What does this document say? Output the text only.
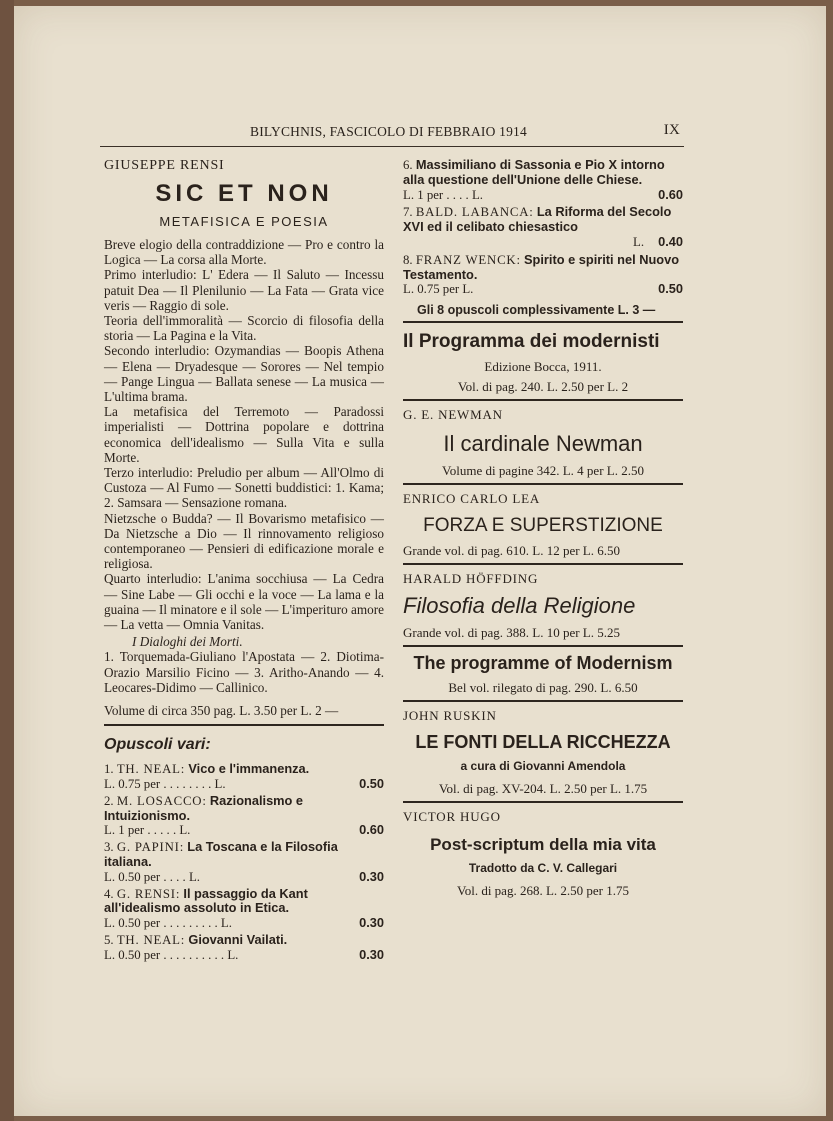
BILYCHNIS, FASCICOLO DI FEBBRAIO 1914	IX
GIUSEPPE RENSI
SIC ET NON
METAFISICA E POESIA
Breve elogio della contraddizione — Pro e contro la Logica — La corsa alla Morte.
Primo interludio: L' Edera — Il Saluto — Incessu patuit Dea — Il Plenilunio — La Fata — Grata vice veris — Raggio di sole.
Teoria dell'immoralità — Scorcio di filosofia della storia — La Pagina e la Vita.
Secondo interludio: Ozymandias — Boopis Athena — Elena — Dryadesque — Sorores — Nel tempio — Pange Lingua — Ballata senese — La musica — L'ultima brama.
La metafisica del Terremoto — Paradossi imperialisti — Dottrina popolare e dottrina economica dell'idealismo — Sulla Vita e sulla Morte.
Terzo interludio: Preludio per album — All'Olmo di Custoza — Al Fumo — Sonetti buddistici: 1. Kama; 2. Samsara — Sensazione romana.
Nietzsche o Budda? — Il Bovarismo metafisico — Da Nietzsche a Dio — Il rinnovamento religioso contemporaneo — Pensieri di edificazione morale e religiosa.
Quarto interludio: L'anima socchiusa — La Cedra — Sine Labe — Gli occhi e la voce — La lama e la guaina — Il minatore e il sole — L'imperituro amore — La vetta — Omnia Vanitas.
I Dialoghi dei Morti.
1. Torquemada-Giuliano l'Apostata — 2. Diotima-Orazio Marsilio Ficino — 3. Aritho-Anando — 4. Leocares-Didimo — Callinico.
Volume di circa 350 pag. L. 3.50 per L. 2 —
Opuscoli vari:
1. TH. NEAL: Vico e l'immanenza.
L. 0.75 per . . . . . . . . L.	0.50
2. M. LOSACCO: Razionalismo e Intuizionismo.
L. 1 per . . . . . L.	0.60
3. G. PAPINI: La Toscana e la Filosofia italiana.
L. 0.50 per . . . . L.	0.30
4. G. RENSI: Il passaggio da Kant all'idealismo assoluto in Etica.
L. 0.50 per . . . . . . . . . L.	0.30
5. TH. NEAL: Giovanni Vailati.
L. 0.50 per . . . . . . . . . . L.	0.30
6. Massimiliano di Sassonia e Pio X intorno alla questione dell'Unione delle Chiese.
L. 1 per . . . . L.	0.60
7. BALD. LABANCA: La Riforma del Secolo XVI ed il celibato chiesastico
L. 0.40
8. FRANZ WENCK: Spirito e spiriti nel Nuovo Testamento.
L. 0.75 per L.	0.50
Gli 8 opuscoli complessivamente L. 3 —
Il Programma dei modernisti
Edizione Bocca, 1911.
Vol. di pag. 240. L. 2.50 per L. 2
G. E. NEWMAN
Il cardinale Newman
Volume di pagine 342. L. 4 per L. 2.50
ENRICO CARLO LEA
FORZA E SUPERSTIZIONE
Grande vol. di pag. 610. L. 12 per L. 6.50
HARALD HÖFFDING
Filosofia della Religione
Grande vol. di pag. 388. L. 10 per L. 5.25
The programme of Modernism
Bel vol. rilegato di pag. 290. L. 6.50
JOHN RUSKIN
LE FONTI DELLA RICCHEZZA
a cura di Giovanni Amendola
Vol. di pag. XV-204. L. 2.50 per L. 1.75
VICTOR HUGO
Post-scriptum della mia vita
Tradotto da C. V. Callegari
Vol. di pag. 268. L. 2.50 per 1.75
